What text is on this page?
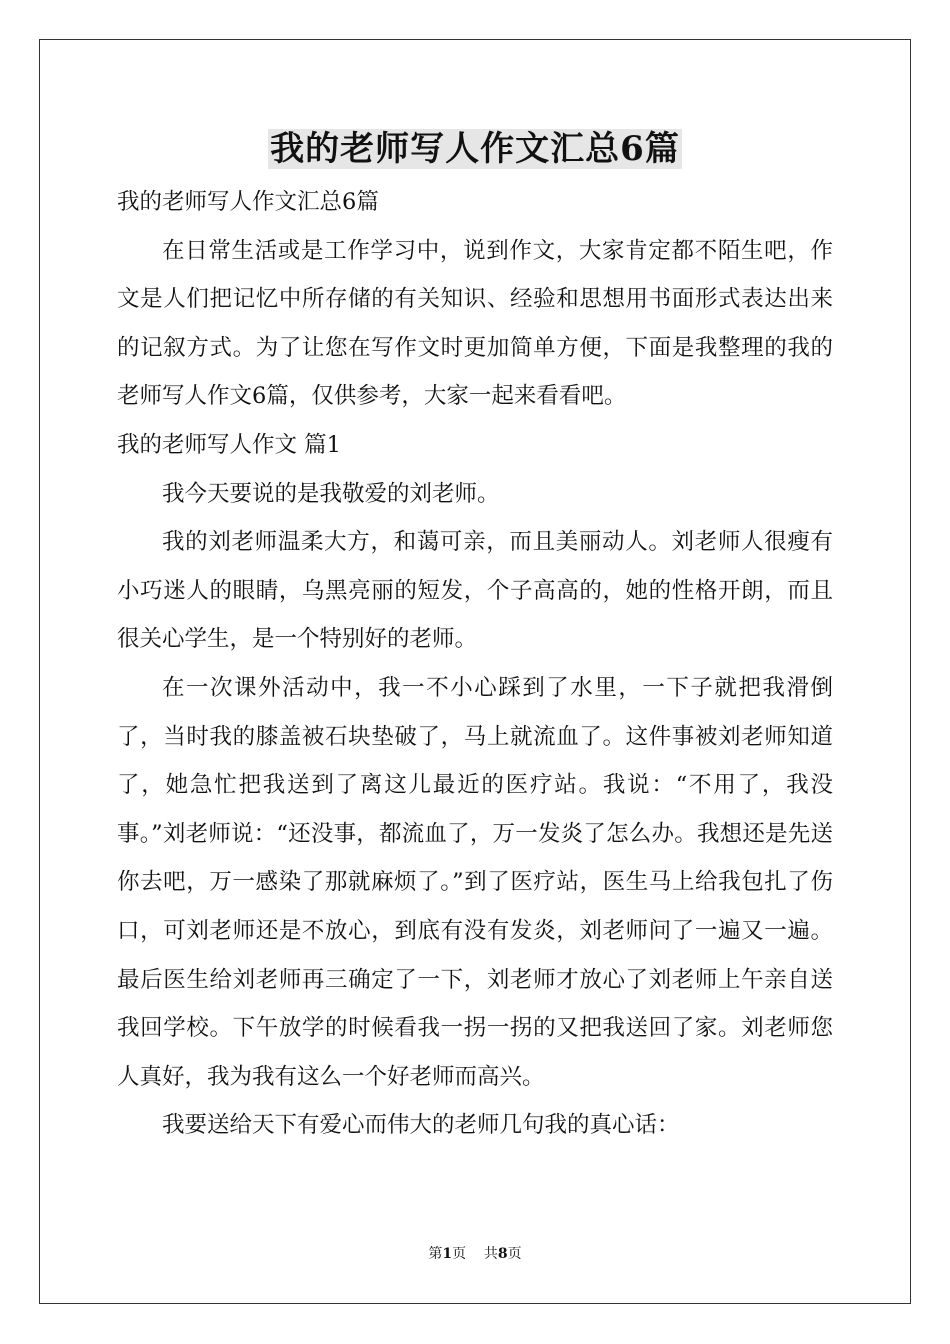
我的老师写人作文汇总6篇

我的老师写人作文汇总6篇

在日常生活或是工作学习中，说到作文，大家肯定都不陌生吧，作文是人们把记忆中所存储的有关知识、经验和思想用书面形式表达出来的记叙方式。为了让您在写作文时更加简单方便，下面是我整理的我的老师写人作文6篇，仅供参考，大家一起来看看吧。

我的老师写人作文 篇1

我今天要说的是我敬爱的刘老师。

我的刘老师温柔大方，和蔼可亲，而且美丽动人。刘老师人很瘦有小巧迷人的眼睛，乌黑亮丽的短发，个子高高的，她的性格开朗，而且很关心学生，是一个特别好的老师。

在一次课外活动中，我一不小心踩到了水里，一下子就把我滑倒了，当时我的膝盖被石块垫破了，马上就流血了。这件事被刘老师知道了，她急忙把我送到了离这儿最近的医疗站。我说：“不用了，我没事。”刘老师说：“还没事，都流血了，万一发炎了怎么办。我想还是先送你去吧，万一感染了那就麻烦了。”到了医疗站，医生马上给我包扎了伤口，可刘老师还是不放心，到底有没有发炎，刘老师问了一遍又一遍。最后医生给刘老师再三确定了一下，刘老师才放心了刘老师上午亲自送我回学校。下午放学的时候看我一拐一拐的又把我送回了家。刘老师您人真好，我为我有这么一个好老师而高兴。

我要送给天下有爱心而伟大的老师几句我的真心话：

第1页 共8页
